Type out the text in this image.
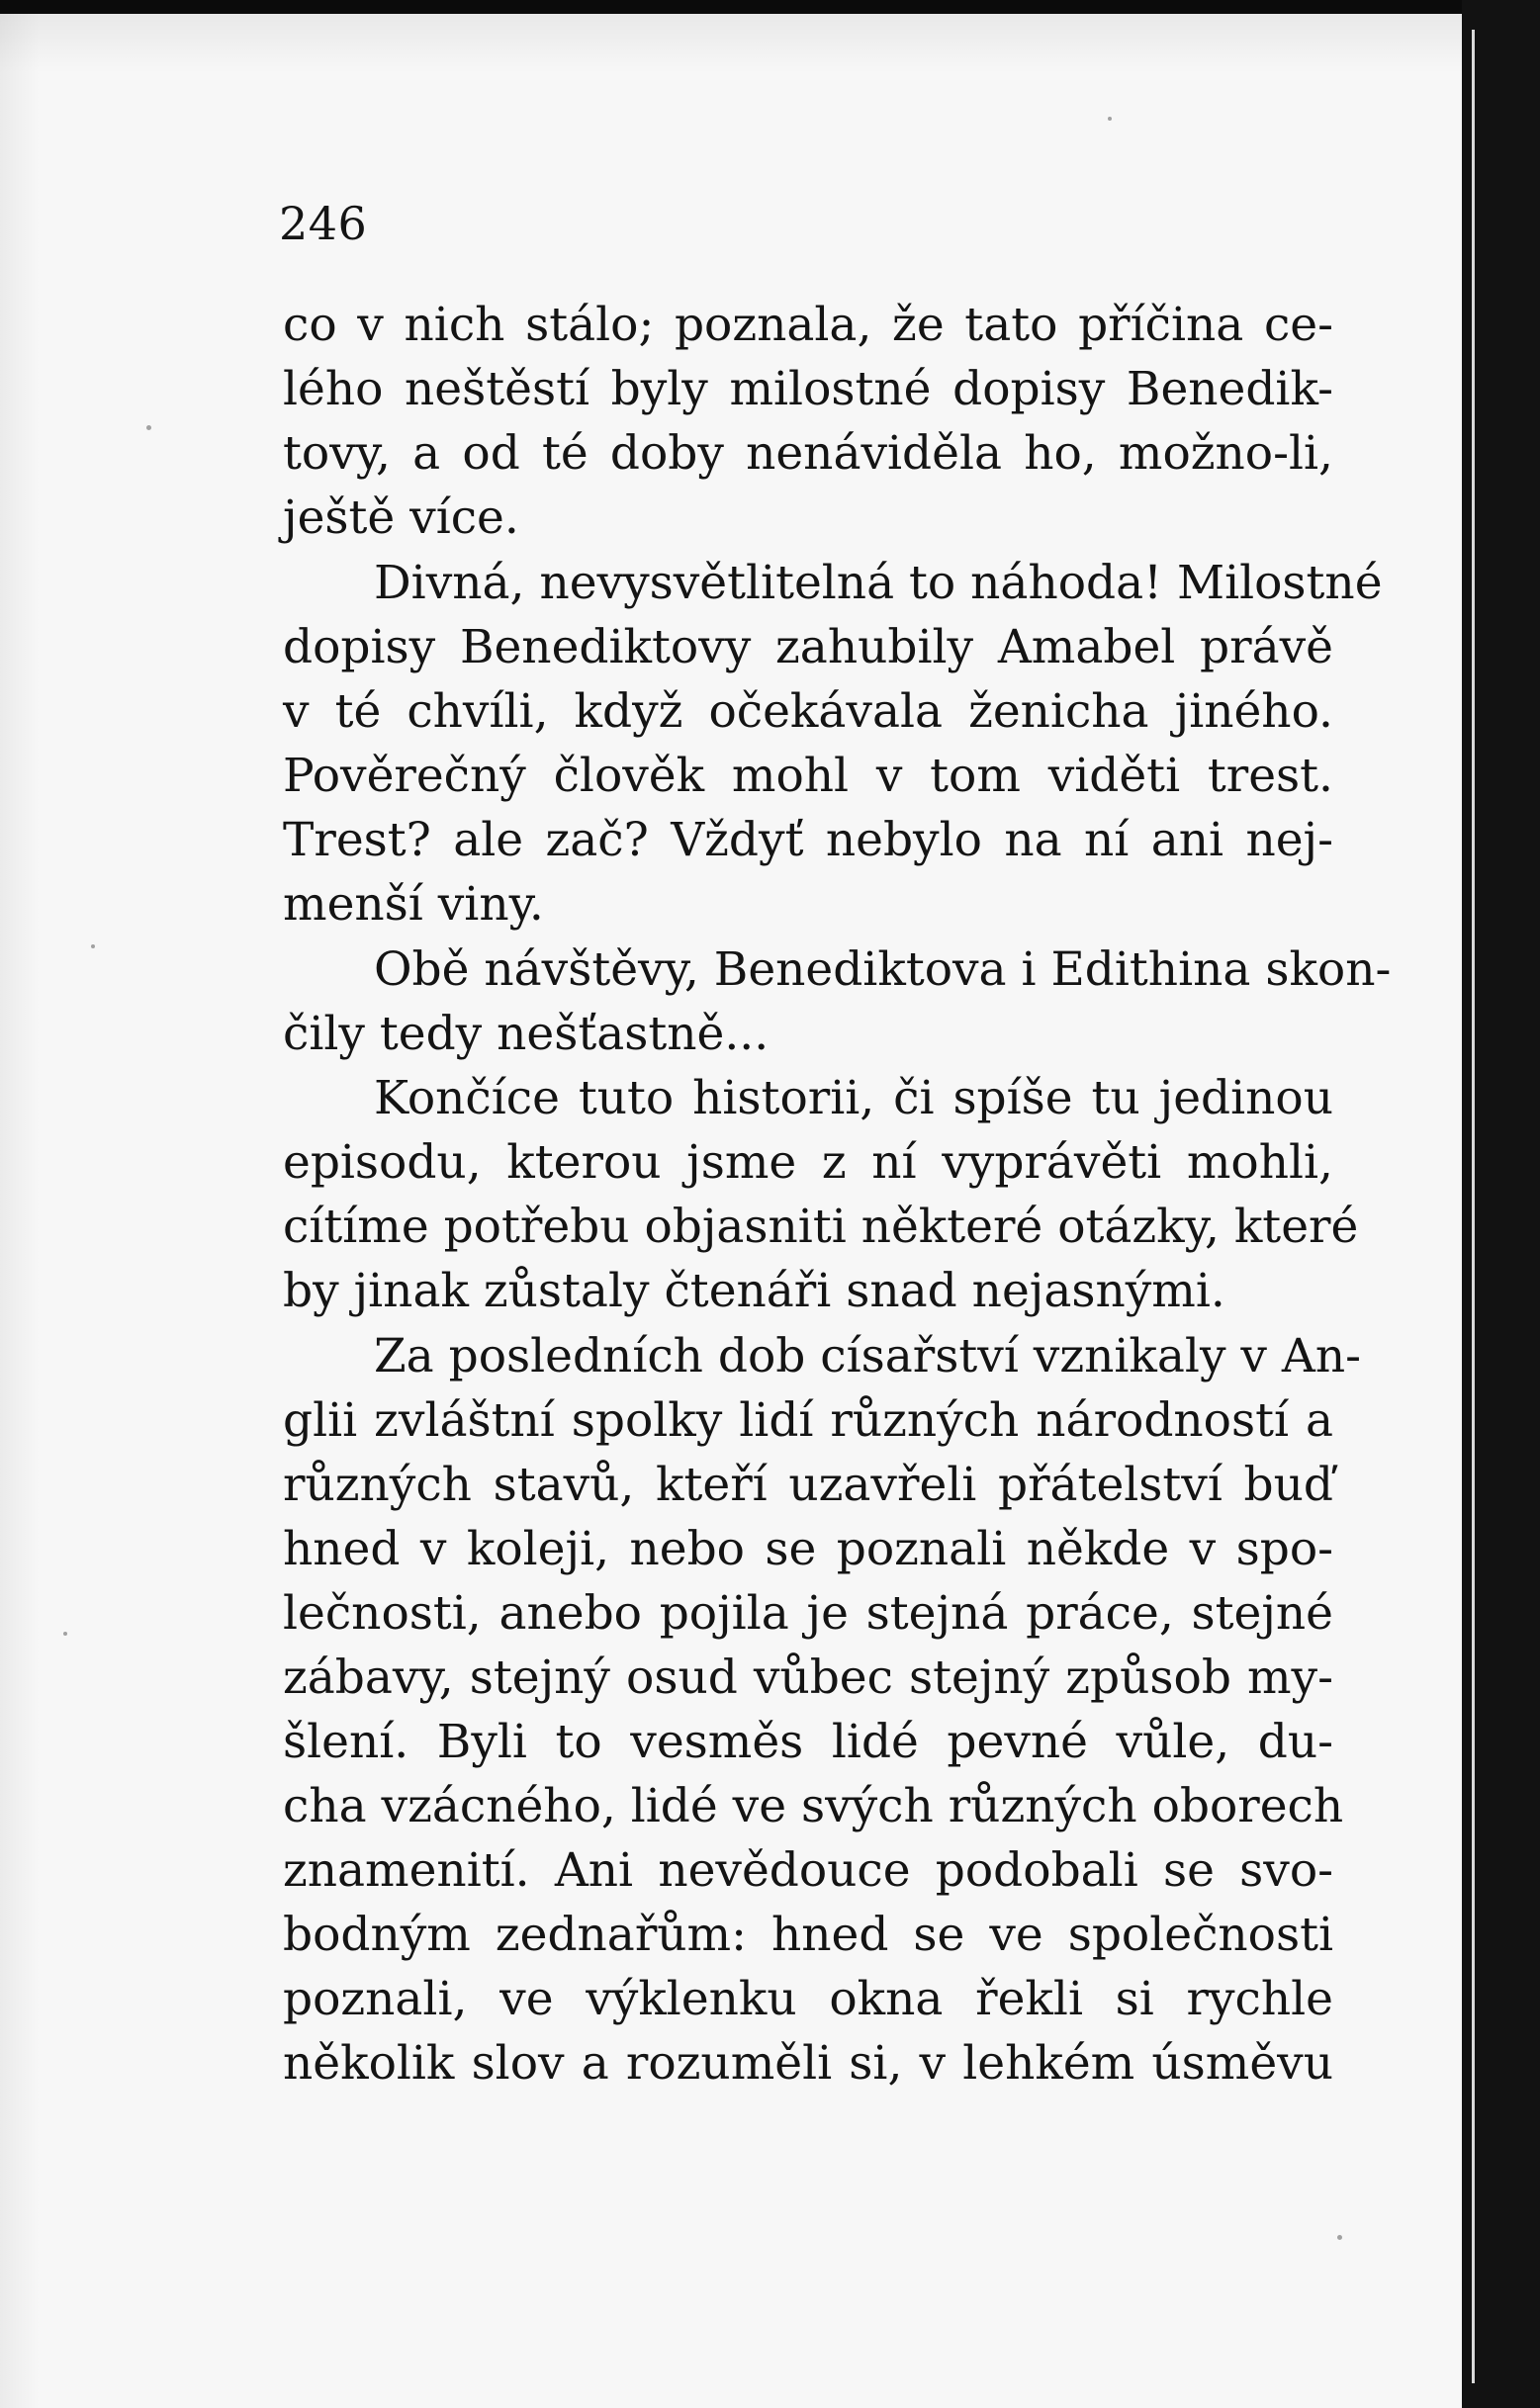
246
co v nich stálo; poznala, že tato příčina ce-
lého neštěstí byly milostné dopisy Benedik-
tovy, a od té doby nenáviděla ho, možno-li,
ještě více.
Divná, nevysvětlitelná to náhoda! Milostné
dopisy Benediktovy zahubily Amabel právě
v té chvíli, když očekávala ženicha jiného.
Pověrečný člověk mohl v tom viděti trest.
Trest? ale zač? Vždyť nebylo na ní ani nej-
menší viny.
Obě návštěvy, Benediktova i Edithina skon-
čily tedy nešťastně...
Končíce tuto historii, či spíše tu jedinou
episodu, kterou jsme z ní vyprávěti mohli,
cítíme potřebu objasniti některé otázky, které
by jinak zůstaly čtenáři snad nejasnými.
Za posledních dob císařství vznikaly v An-
glii zvláštní spolky lidí různých národností a
různých stavů, kteří uzavřeli přátelství buď
hned v koleji, nebo se poznali někde v spo-
lečnosti, anebo pojila je stejná práce, stejné
zábavy, stejný osud vůbec stejný způsob my-
šlení. Byli to vesměs lidé pevné vůle, du-
cha vzácného, lidé ve svých různých oborech
znamenití. Ani nevědouce podobali se svo-
bodným zednařům: hned se ve společnosti
poznali, ve výklenku okna řekli si rychle
několik slov a rozuměli si, v lehkém úsměvu
